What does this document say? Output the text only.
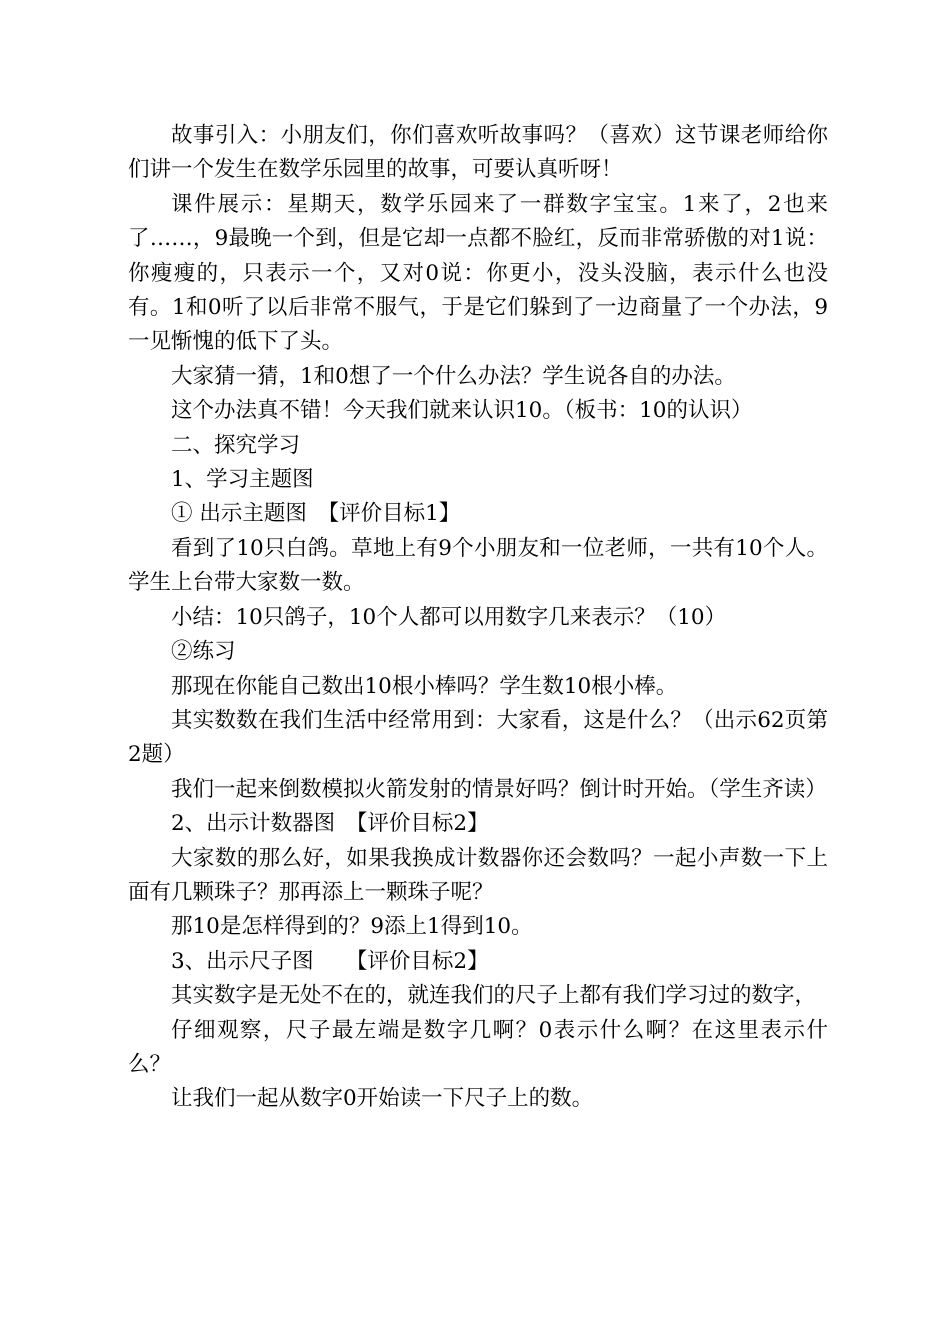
故事引入：小朋友们，你们喜欢听故事吗？（喜欢）这节课老师给你们讲一个发生在数学乐园里的故事，可要认真听呀！

课件展示：星期天，数学乐园来了一群数字宝宝。1来了，2也来了……，9最晚一个到，但是它却一点都不脸红，反而非常骄傲的对1说：你瘦瘦的，只表示一个，又对0说：你更小，没头没脑，表示什么也没有。1和0听了以后非常不服气，于是它们躲到了一边商量了一个办法，9一见惭愧的低下了头。

大家猜一猜，1和0想了一个什么办法？学生说各自的办法。

这个办法真不错！今天我们就来认识10。（板书：10的认识）

二、探究学习

1、学习主题图

① 出示主题图　【评价目标1】

看到了10只白鸽。草地上有9个小朋友和一位老师，一共有10个人。学生上台带大家数一数。

小结：10只鸽子，10个人都可以用数字几来表示？（10）

②练习

那现在你能自己数出10根小棒吗？学生数10根小棒。

其实数数在我们生活中经常用到：大家看，这是什么？（出示62页第2题）

我们一起来倒数模拟火箭发射的情景好吗？倒计时开始。（学生齐读）

2、出示计数器图　【评价目标2】

大家数的那么好，如果我换成计数器你还会数吗？一起小声数一下上面有几颗珠子？那再添上一颗珠子呢？

那10是怎样得到的？9添上1得到10。

3、出示尺子图　　【评价目标2】

其实数字是无处不在的，就连我们的尺子上都有我们学习过的数字，

仔细观察，尺子最左端是数字几啊？0表示什么啊？在这里表示什么？

让我们一起从数字0开始读一下尺子上的数。
